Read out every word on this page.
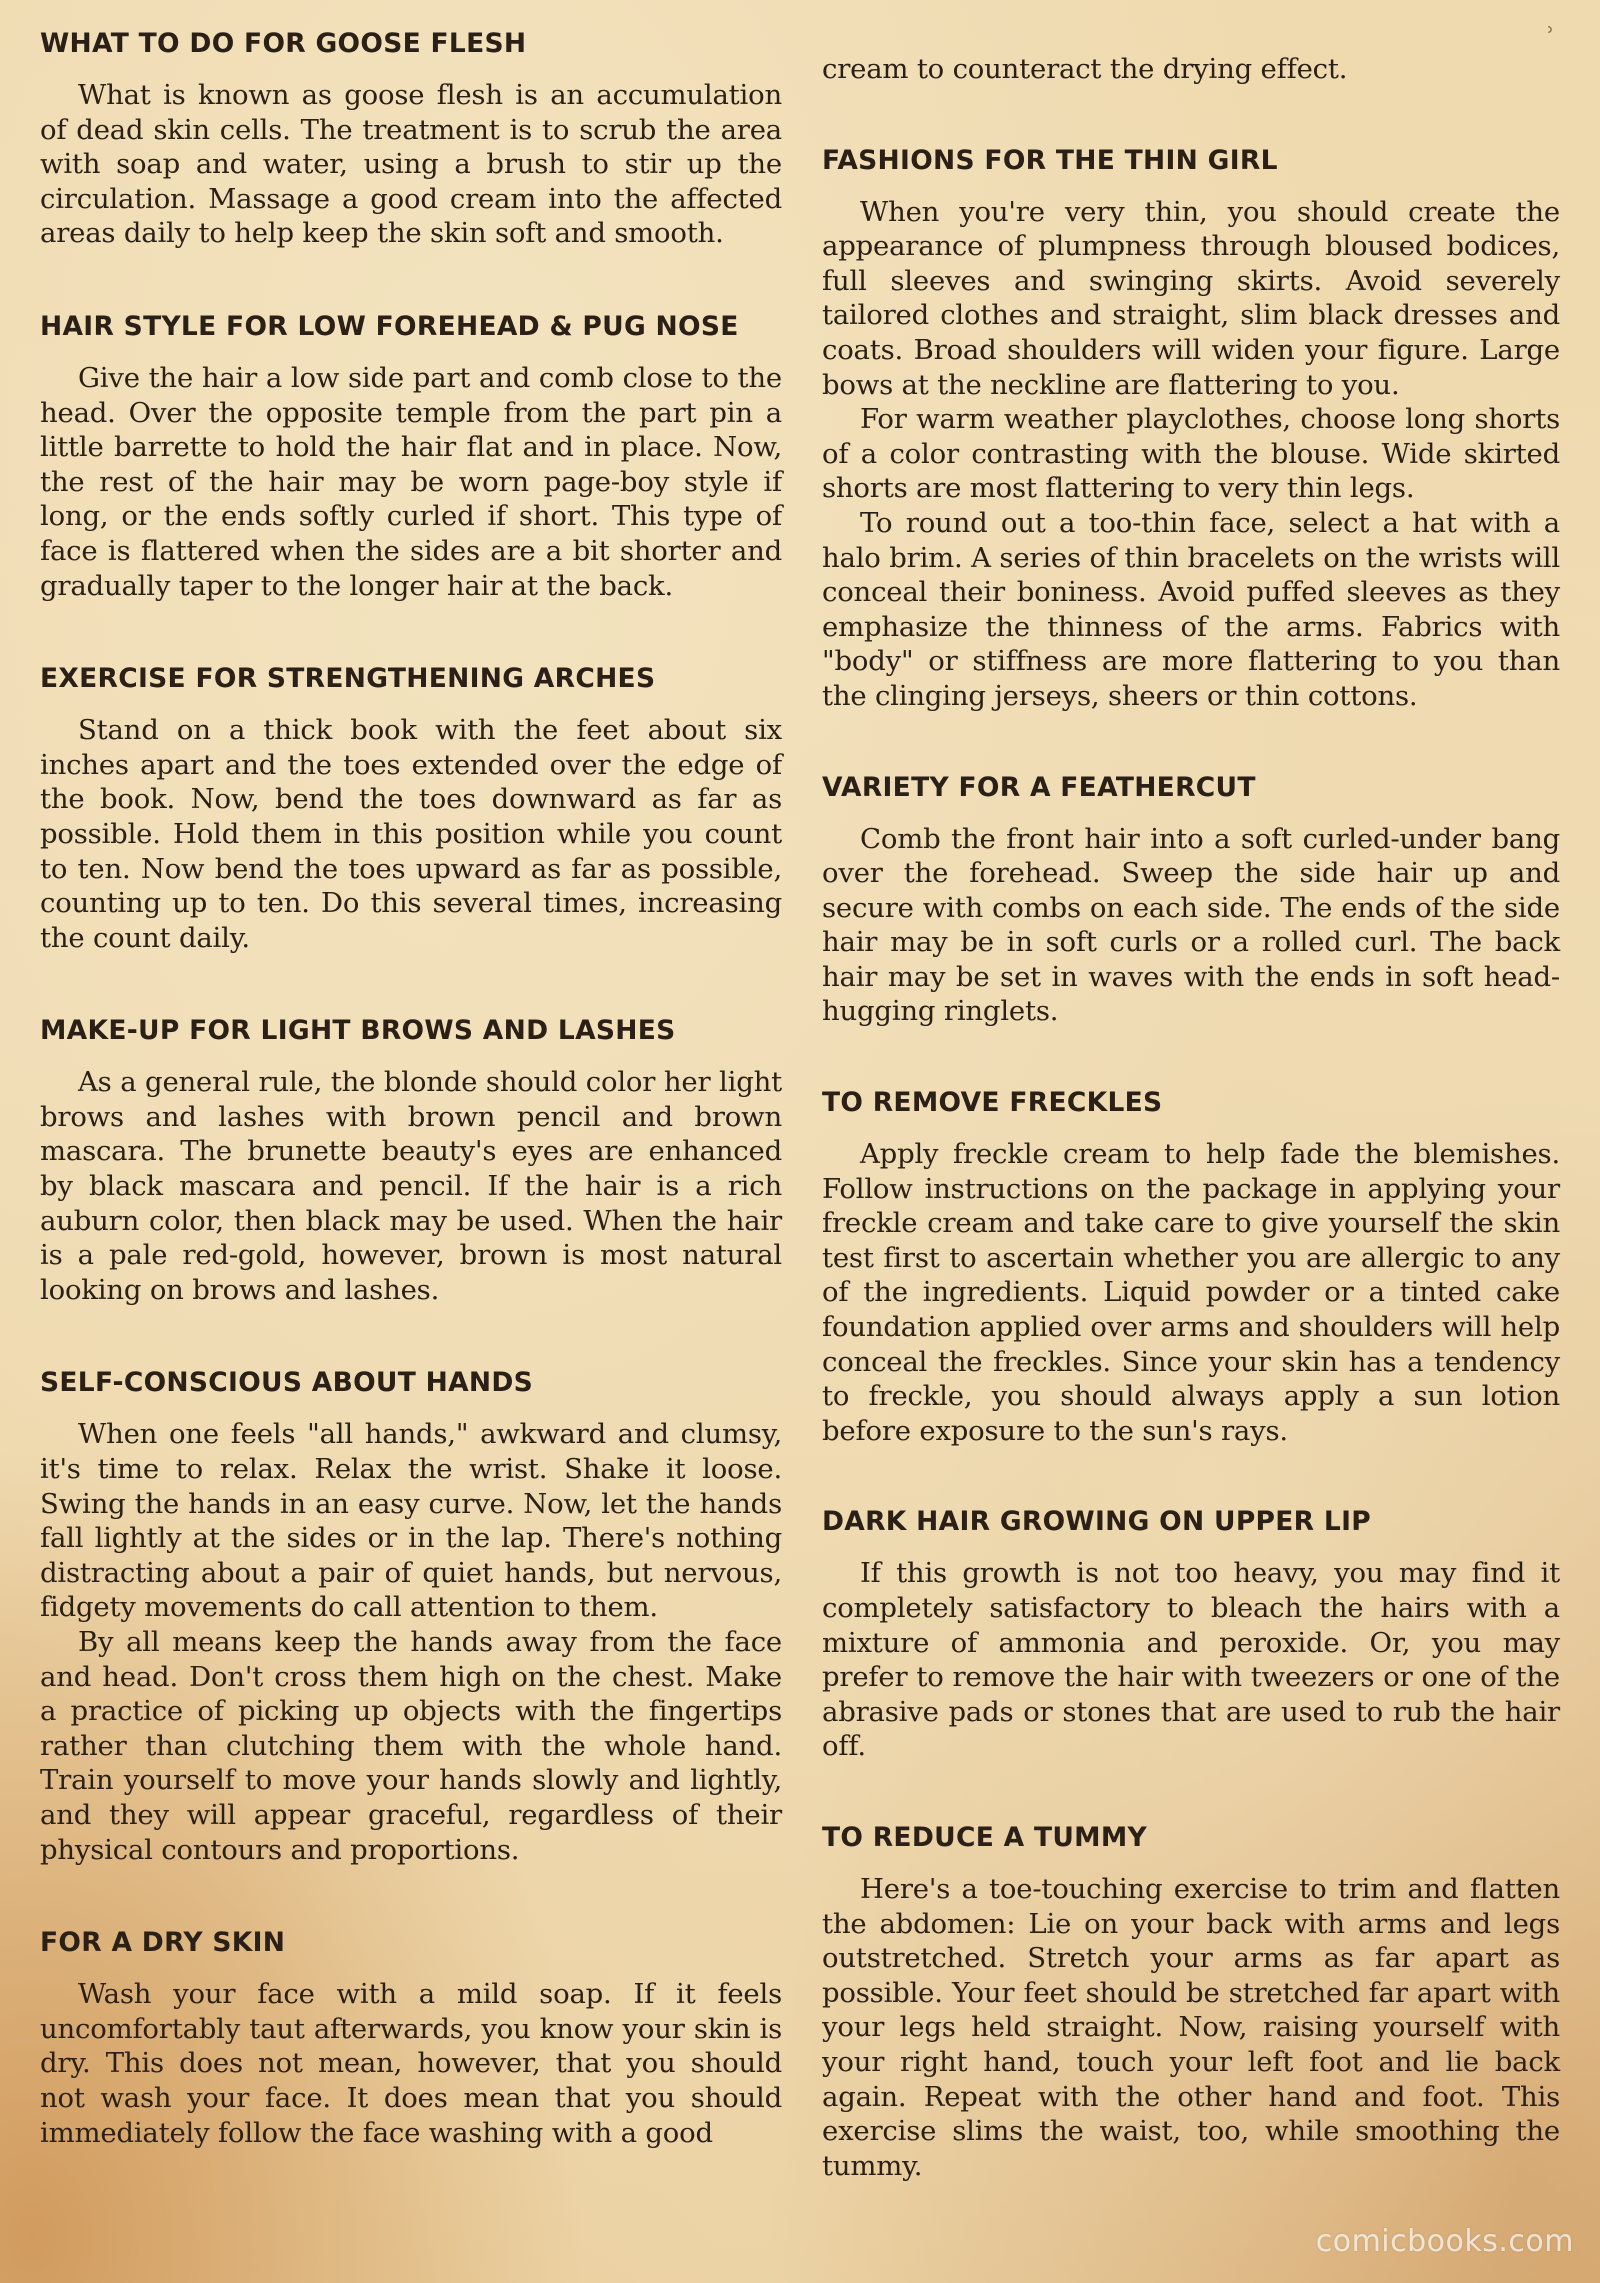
ʾ
WHAT TO DO FOR GOOSE FLESH

What is known as goose flesh is an accumulation of dead skin cells. The treatment is to scrub the area with soap and water, using a brush to stir up the circulation. Massage a good cream into the affected areas daily to help keep the skin soft and smooth.

HAIR STYLE FOR LOW FOREHEAD & PUG NOSE

Give the hair a low side part and comb close to the head. Over the opposite temple from the part pin a little barrette to hold the hair flat and in place. Now, the rest of the hair may be worn page-boy style if long, or the ends softly curled if short. This type of face is flattered when the sides are a bit shorter and gradually taper to the longer hair at the back.

EXERCISE FOR STRENGTHENING ARCHES

Stand on a thick book with the feet about six inches apart and the toes extended over the edge of the book. Now, bend the toes downward as far as possible. Hold them in this position while you count to ten. Now bend the toes upward as far as possible, counting up to ten. Do this several times, increasing the count daily.

MAKE-UP FOR LIGHT BROWS AND LASHES

As a general rule, the blonde should color her light brows and lashes with brown pencil and brown mascara. The brunette beauty's eyes are enhanced by black mascara and pencil. If the hair is a rich auburn color, then black may be used. When the hair is a pale red-gold, however, brown is most natural looking on brows and lashes.

SELF-CONSCIOUS ABOUT HANDS

When one feels "all hands," awkward and clumsy, it's time to relax. Relax the wrist. Shake it loose. Swing the hands in an easy curve. Now, let the hands fall lightly at the sides or in the lap. There's nothing distracting about a pair of quiet hands, but nervous, fidgety movements do call attention to them.

By all means keep the hands away from the face and head. Don't cross them high on the chest. Make a practice of picking up objects with the fingertips rather than clutching them with the whole hand. Train yourself to move your hands slowly and lightly, and they will appear graceful, regardless of their physical contours and proportions.

FOR A DRY SKIN

Wash your face with a mild soap. If it feels uncomfortably taut afterwards, you know your skin is dry. This does not mean, however, that you should not wash your face. It does mean that you should immediately follow the face washing with a good

cream to counteract the drying effect.

FASHIONS FOR THE THIN GIRL

When you're very thin, you should create the appearance of plumpness through bloused bodices, full sleeves and swinging skirts. Avoid severely tailored clothes and straight, slim black dresses and coats. Broad shoulders will widen your figure. Large bows at the neckline are flattering to you.

For warm weather playclothes, choose long shorts of a color contrasting with the blouse. Wide skirted shorts are most flattering to very thin legs.

To round out a too-thin face, select a hat with a halo brim. A series of thin bracelets on the wrists will conceal their boniness. Avoid puffed sleeves as they emphasize the thinness of the arms. Fabrics with "body" or stiffness are more flattering to you than the clinging jerseys, sheers or thin cottons.

VARIETY FOR A FEATHERCUT

Comb the front hair into a soft curled-under bang over the forehead. Sweep the side hair up and secure with combs on each side. The ends of the side hair may be in soft curls or a rolled curl. The back hair may be set in waves with the ends in soft head-hugging ringlets.

TO REMOVE FRECKLES

Apply freckle cream to help fade the blemishes. Follow instructions on the package in applying your freckle cream and take care to give yourself the skin test first to ascertain whether you are allergic to any of the ingredients. Liquid powder or a tinted cake foundation applied over arms and shoulders will help conceal the freckles. Since your skin has a tendency to freckle, you should always apply a sun lotion before exposure to the sun's rays.

DARK HAIR GROWING ON UPPER LIP

If this growth is not too heavy, you may find it completely satisfactory to bleach the hairs with a mixture of ammonia and peroxide. Or, you may prefer to remove the hair with tweezers or one of the abrasive pads or stones that are used to rub the hair off.

TO REDUCE A TUMMY

Here's a toe-touching exercise to trim and flatten the abdomen: Lie on your back with arms and legs outstretched. Stretch your arms as far apart as possible. Your feet should be stretched far apart with your legs held straight. Now, raising yourself with your right hand, touch your left foot and lie back again. Repeat with the other hand and foot. This exercise slims the waist, too, while smoothing the tummy.

comicbooks.com
